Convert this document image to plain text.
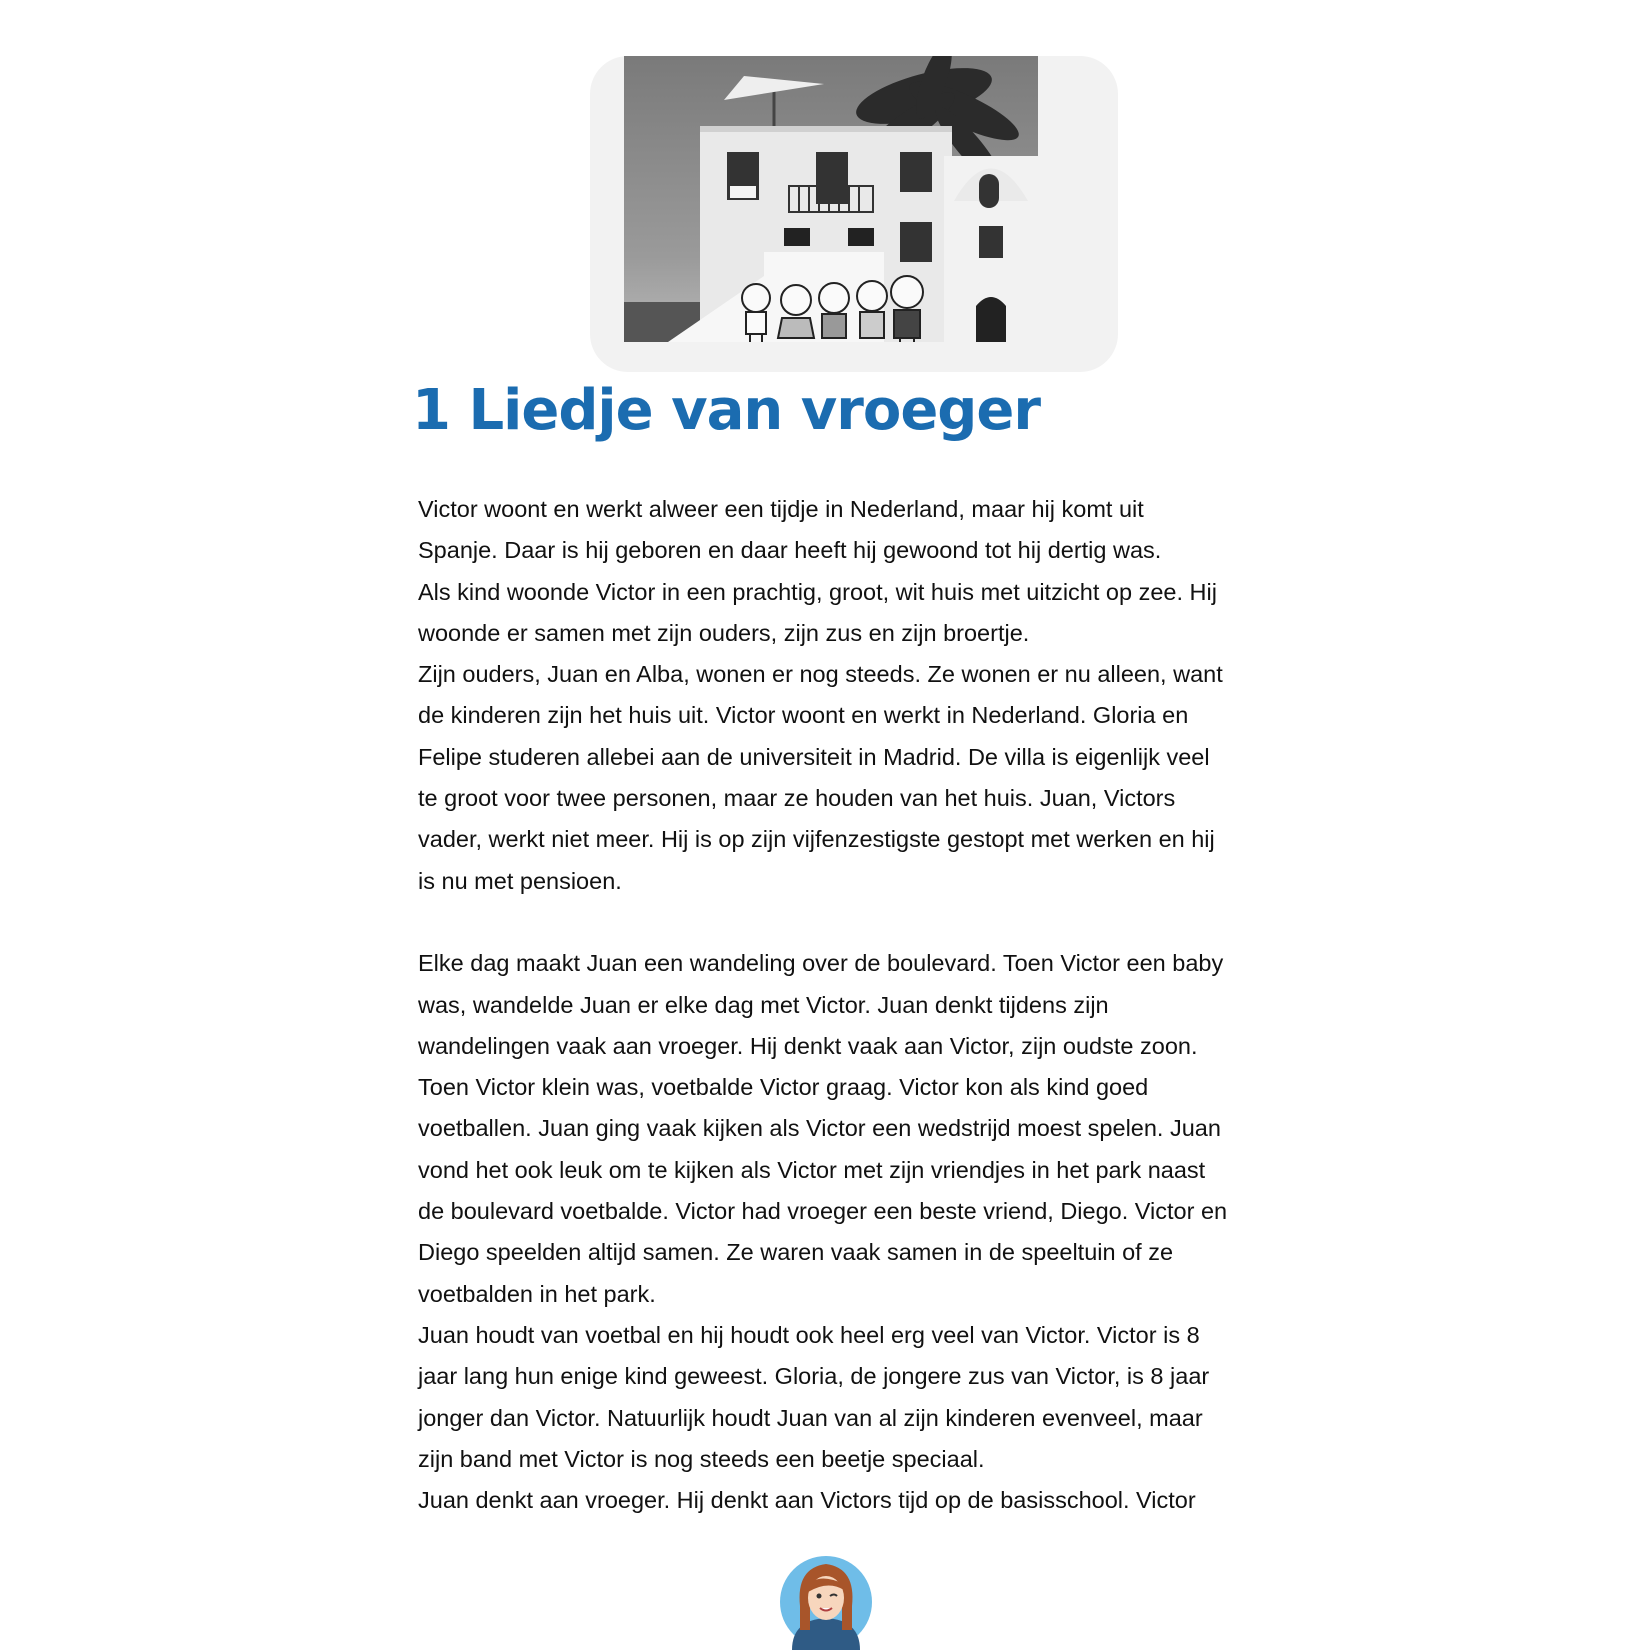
1 Liedje van vroeger

Victor woont en werkt alweer een tijdje in Nederland, maar hij komt uit
Spanje. Daar is hij geboren en daar heeft hij gewoond tot hij dertig was.

Als kind woonde Victor in een prachtig, groot, wit huis met uitzicht op zee. Hij
woonde er samen met zijn ouders, zijn zus en zijn broertje.

Zijn ouders, Juan en Alba, wonen er nog steeds. Ze wonen er nu alleen, want
de kinderen zijn het huis uit. Victor woont en werkt in Nederland. Gloria en
Felipe studeren allebei aan de universiteit in Madrid. De villa is eigenlijk veel
te groot voor twee personen, maar ze houden van het huis. Juan, Victors
vader, werkt niet meer. Hij is op zijn vijfenzestigste gestopt met werken en hij
is nu met pensioen.

Elke dag maakt Juan een wandeling over de boulevard. Toen Victor een baby
was, wandelde Juan er elke dag met Victor. Juan denkt tijdens zijn
wandelingen vaak aan vroeger. Hij denkt vaak aan Victor, zijn oudste zoon.
Toen Victor klein was, voetbalde Victor graag. Victor kon als kind goed
voetballen. Juan ging vaak kijken als Victor een wedstrijd moest spelen. Juan
vond het ook leuk om te kijken als Victor met zijn vriendjes in het park naast
de boulevard voetbalde. Victor had vroeger een beste vriend, Diego. Victor en
Diego speelden altijd samen. Ze waren vaak samen in de speeltuin of ze
voetbalden in het park.

Juan houdt van voetbal en hij houdt ook heel erg veel van Victor. Victor is 8
jaar lang hun enige kind geweest. Gloria, de jongere zus van Victor, is 8 jaar
jonger dan Victor. Natuurlijk houdt Juan van al zijn kinderen evenveel, maar
zijn band met Victor is nog steeds een beetje speciaal.

Juan denkt aan vroeger. Hij denkt aan Victors tijd op de basisschool. Victor
